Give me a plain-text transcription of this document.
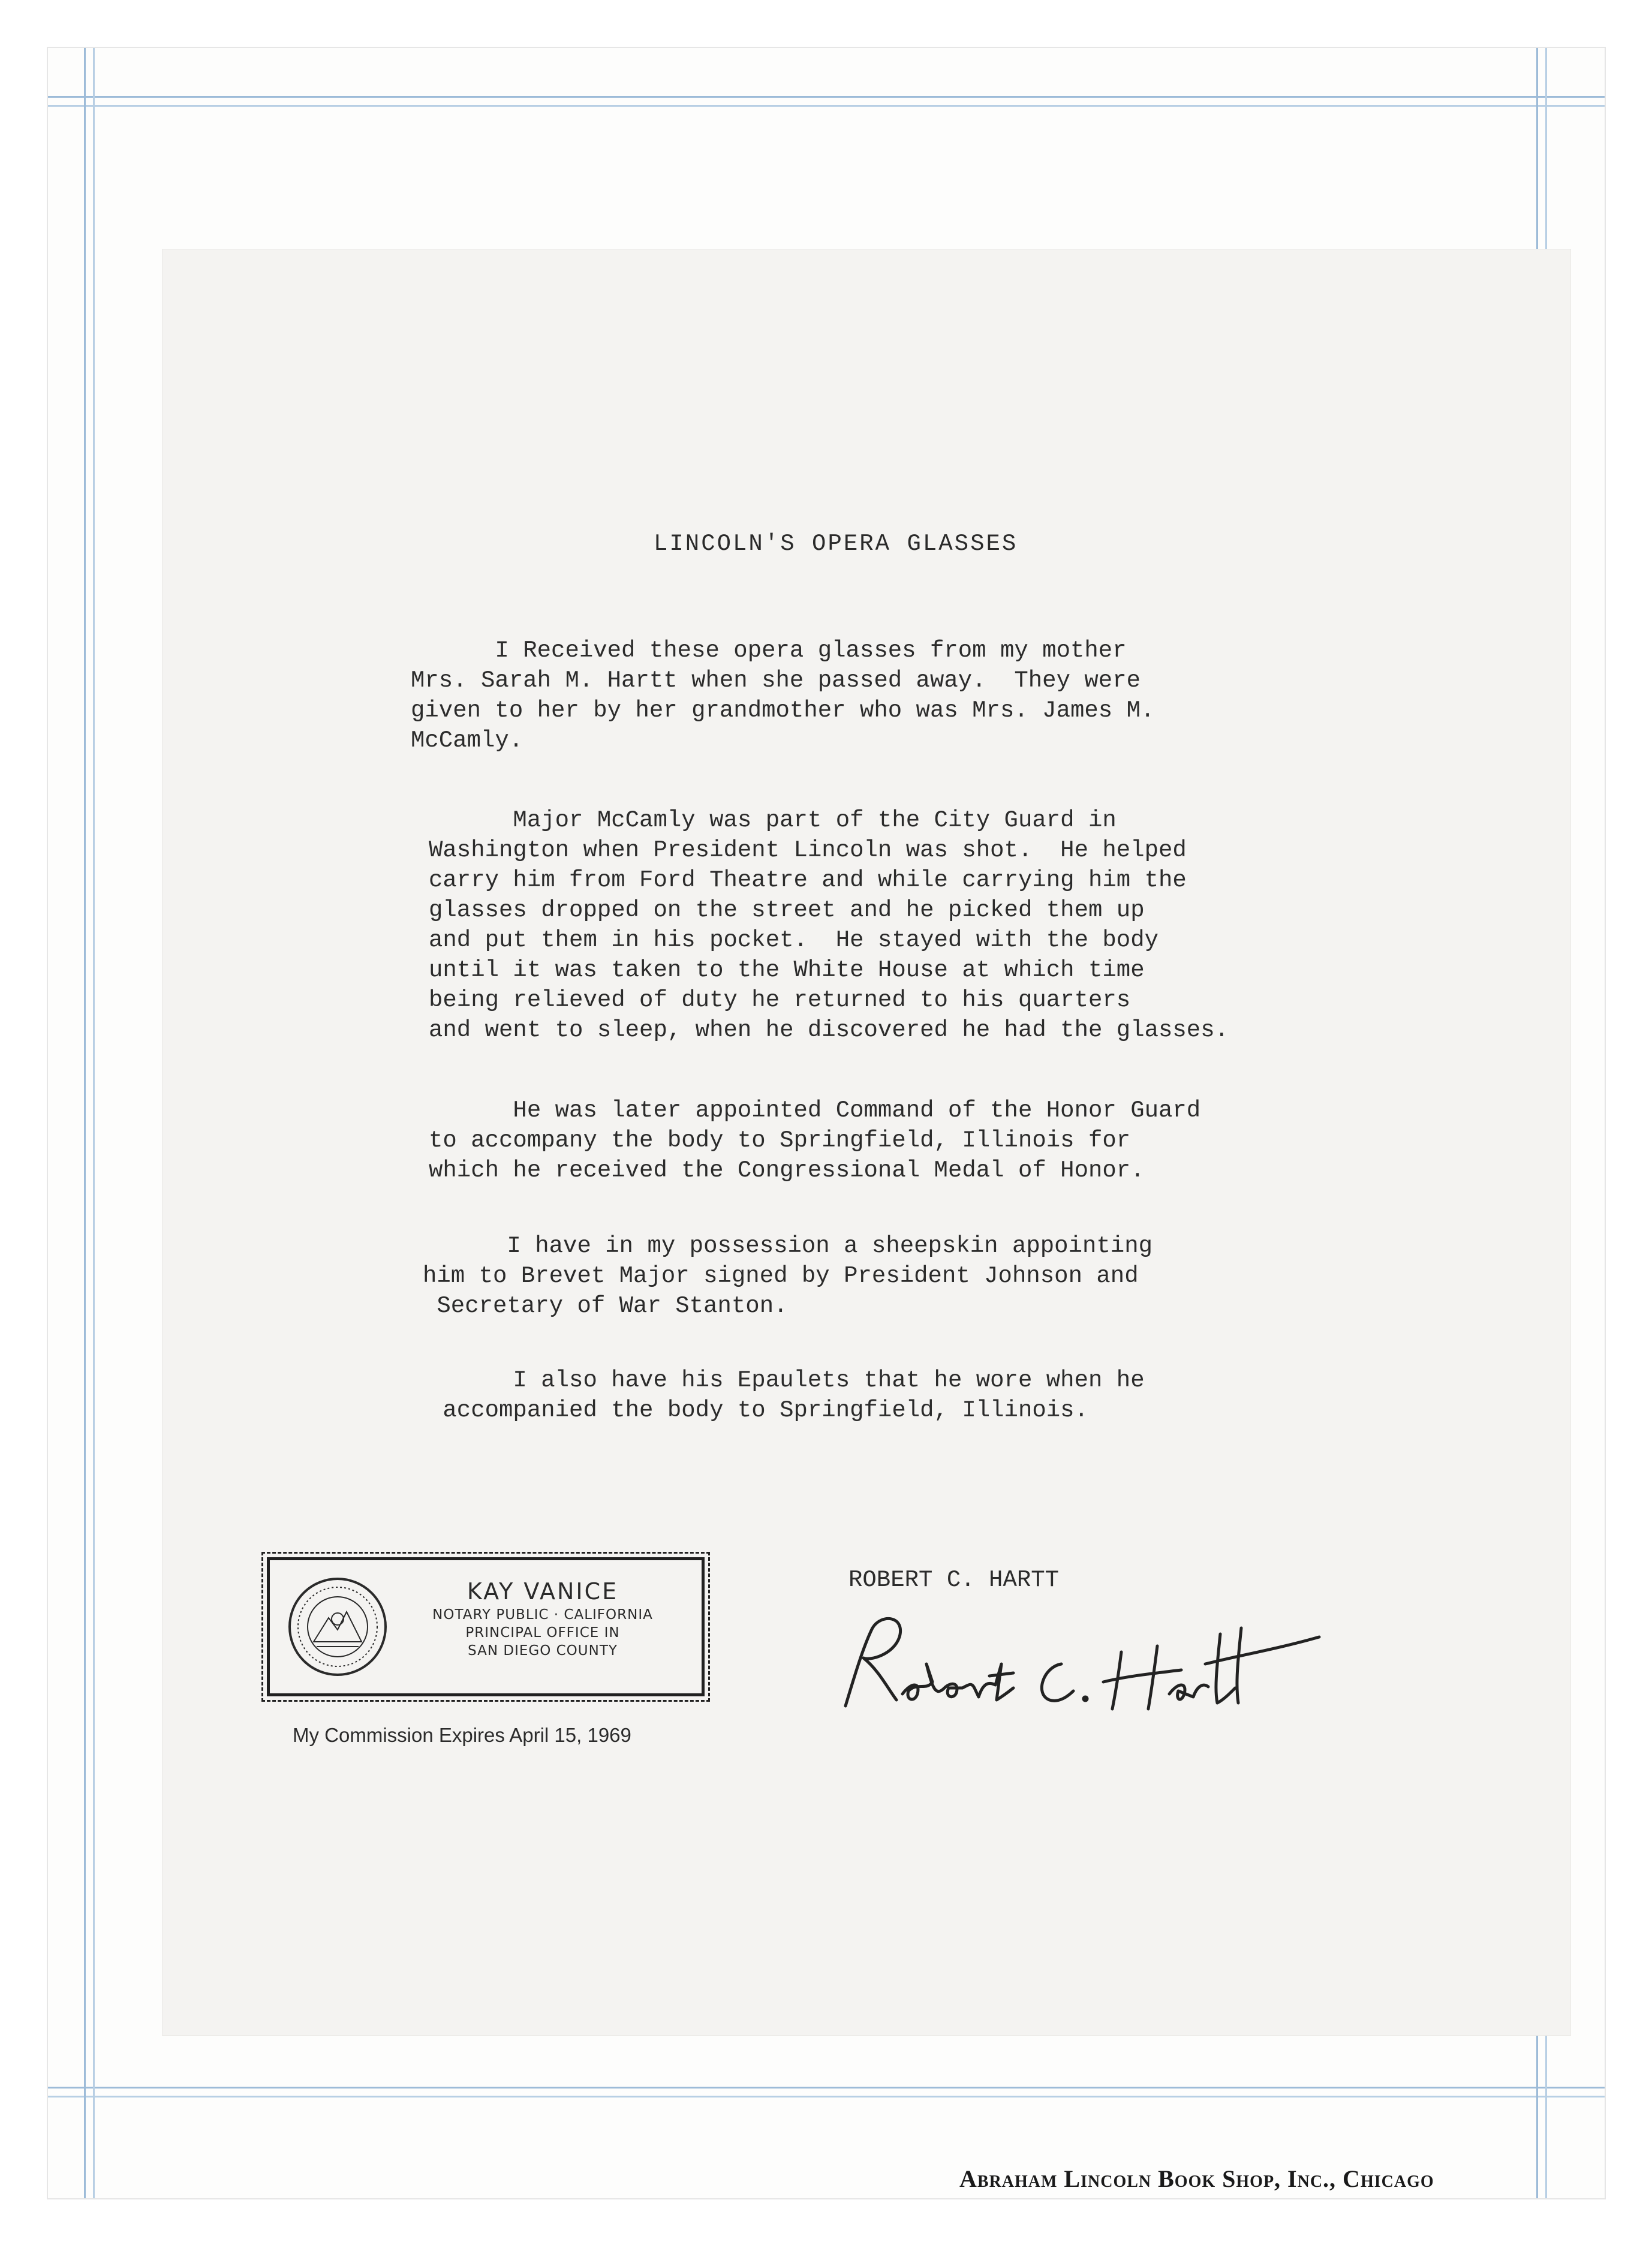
LINCOLN'S OPERA GLASSES
I Received these opera glasses from my mother
Mrs. Sarah M. Hartt when she passed away.  They were
given to her by her grandmother who was Mrs. James M.
McCamly.
Major McCamly was part of the City Guard in
Washington when President Lincoln was shot.  He helped
carry him from Ford Theatre and while carrying him the
glasses dropped on the street and he picked them up
and put them in his pocket.  He stayed with the body
until it was taken to the White House at which time
being relieved of duty he returned to his quarters
and went to sleep, when he discovered he had the glasses.
He was later appointed Command of the Honor Guard
to accompany the body to Springfield, Illinois for
which he received the Congressional Medal of Honor.
I have in my possession a sheepskin appointing
him to Brevet Major signed by President Johnson and
Secretary of War Stanton.
I also have his Epaulets that he wore when he
accompanied the body to Springfield, Illinois.
KAY VANICE
NOTARY PUBLIC · CALIFORNIA
PRINCIPAL OFFICE IN
SAN DIEGO COUNTY
My Commission Expires April 15, 1969
ROBERT C. HARTT
Abraham Lincoln Book Shop, Inc., Chicago
